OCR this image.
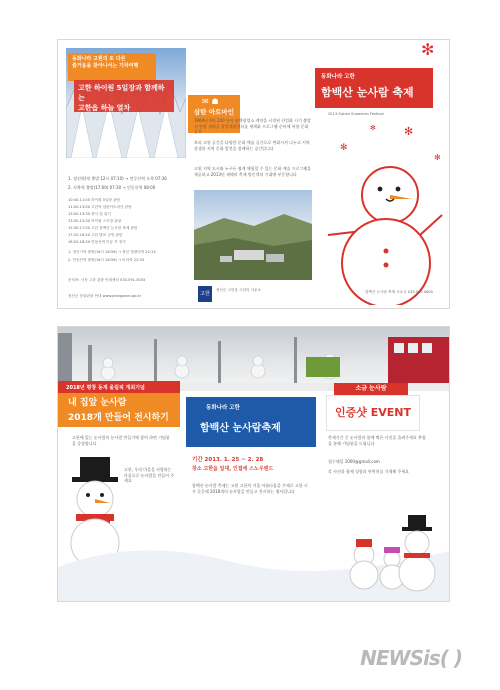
동화나라 고원의 또 다른
즐거움을 찾아나서는 기차여행
고한 하이원 5일장과 함께하는
고한읍 하늘 열차
✉ ☗
삼탄 아트마인
1. 정선역(역 출발 12시 07:10) → 민둥산역 도착 07:36
2. 사북역 출발(17:00) 07:30 → 민둥산역 08:00
10:40-11:00 하이원 5일장 관람
11:00-13:00 고한역 삼탄아트마인 관람
13:00-13:30 중식 및 휴식
13:30-15:30 하이원 스키장 관광
15:30-17:00 고한 함백산 눈사람 축제 관람
17:20-18:20 고한 발표 공연 관람
18:20-18:50 민둥산역 이동 후 귀가
1. 정선시역 출발(16시 18:56) → 정선 청량리역 22:13
2. 민둥산역 출발(16시 18:56) → 아리역 22:33
문의처: 사북 고한 관광 안내센터 033.591.3003
정선군 문화관광 안내 www.jeongseon.go.kr
1964년 6월 200 단지 함백광업소 계약을 시작된 산업화 시기 출발지 탄광 계획을 광업개발센터를 세계화 프로그램 준비에 복합 문화 공간
보리 고원 공간을 다양한 문화 예술 공간으로 변화시켜 나누고 지역 상생과 지역 문화 발전을 함께하는 공간입니다
고원 지역 도시와 누구든 쉽게 체험할 수 있는 문화 예술 프로그램을 제공하고 2013년 새해의 축제 방문객의 기대에 부응합니다
고한
정선군 고한읍 고한리 사무소
동화나라 고한
함백산 눈사람 축제
2013 Gohan Snowman Festival
✻
✻
✻
✻
✻
함백산 눈사람 축제 사무국 033.592.0600
2018년 평창 동계 올림픽 개최기념
내 집앞 눈사람
2018개 만들어 전시하기
고한에 있는 눈사람의 눈사람 만들기에 참여 하면 기념품을 증정합니다
고한, 우리 마을을 사랑하는 마음으로 눈사람을 만들어 주세요
동화나라 고한
함백산 눈사람축제
기간 2013. 1. 25 ~ 2. 28
장소 고한읍 일대, 인접에 스노우랜드
함백산 눈사람 축제는 고원 고한의 겨울 아름다움을 주제로 고한 시가 곳곳에 2018개의 눈사람을 만들고 전시하는 행사입니다
소금 눈사람
인증샷 EVENT
축제기간 중 눈사람과 함께 찍은 사진을 올려주세요 추첨을 통해 기념품을 드립니다
접수메일 1000@gmail.com
각 사진과 함께 성함과 연락처를 기재해 주세요
NEWSis( )
